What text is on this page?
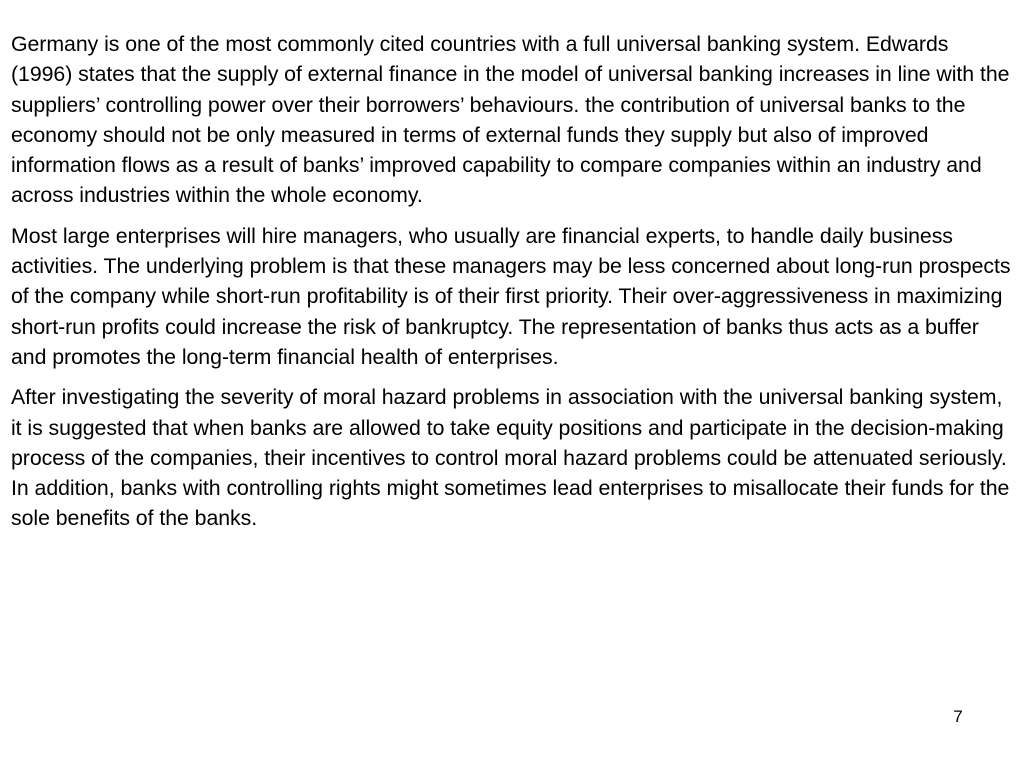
Germany is one of the most commonly cited countries with a full universal banking system. Edwards (1996) states that the supply of external finance in the model of universal banking increases in line with the suppliers’ controlling power over their borrowers’ behaviours. the contribution of universal banks to the economy should not be only measured in terms of external funds they supply but also of improved information flows as a result of banks’ improved capability to compare companies within an industry and across industries within the whole economy.

Most large enterprises will hire managers, who usually are financial experts, to handle daily business activities. The underlying problem is that these managers may be less concerned about long-run prospects of the company while short-run profitability is of their first priority. Their over-aggressiveness in maximizing short-run profits could increase the risk of bankruptcy. The representation of banks thus acts as a buffer and promotes the long-term financial health of enterprises.

After investigating the severity of moral hazard problems in association with the universal banking system, it is suggested that when banks are allowed to take equity positions and participate in the decision-making process of the companies, their incentives to control moral hazard problems could be attenuated seriously. In addition, banks with controlling rights might sometimes lead enterprises to misallocate their funds for the sole benefits of the banks.

7
